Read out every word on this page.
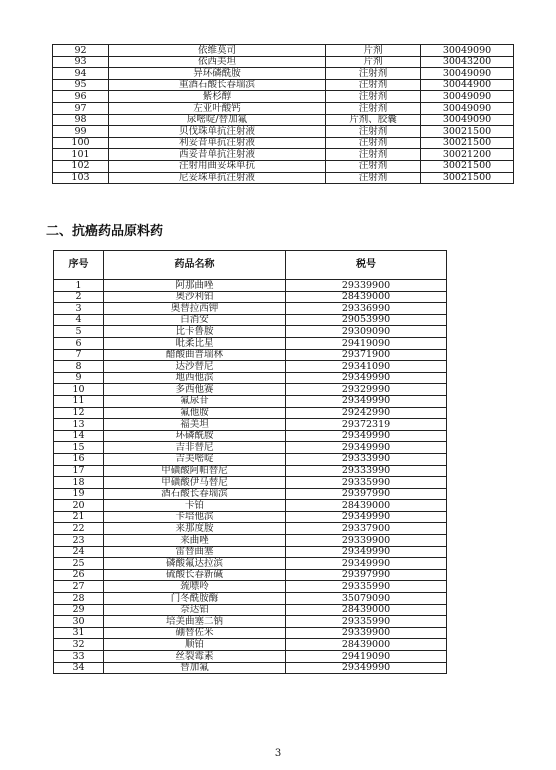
92	依维莫司	片剂	30049090
93	依西美坦	片剂	30043200
94	异环磷酰胺	注射剂	30049090
95	重酒石酸长春瑞滨	注射剂	30044900
96	紫杉醇	注射剂	30049090
97	左亚叶酸钙	注射剂	30049090
98	尿嘧啶/替加氟	片剂、胶囊	30049090
99	贝伐珠单抗注射液	注射剂	30021500
100	利妥昔单抗注射液	注射剂	30021500
101	西妥昔单抗注射液	注射剂	30021200
102	注射用曲妥珠单抗	注射剂	30021500
103	尼妥珠单抗注射液	注射剂	30021500
二、抗癌药品原料药
序号	药品名称	税号
1	阿那曲唑	29339900
2	奥沙利铂	28439000
3	奥替拉西钾	29336990
4	白消安	29053990
5	比卡鲁胺	29309090
6	吡柔比星	29419090
7	醋酸曲普瑞林	29371900
8	达沙替尼	29341090
9	地西他滨	29349990
10	多西他赛	29329990
11	氟尿苷	29349990
12	氟他胺	29242990
13	福美坦	29372319
14	环磷酰胺	29349990
15	吉非替尼	29349990
16	吉美嘧啶	29333990
17	甲磺酸阿帕替尼	29333990
18	甲磺酸伊马替尼	29335990
19	酒石酸长春瑞滨	29397990
20	卡铂	28439000
21	卡培他滨	29349990
22	来那度胺	29337900
23	来曲唑	29339900
24	雷替曲塞	29349990
25	磷酸氟达拉滨	29349990
26	硫酸长春新碱	29397990
27	巯嘌呤	29335990
28	门冬酰胺酶	35079090
29	奈达铂	28439000
30	培美曲塞二钠	29335990
31	硼替佐米	29339900
32	顺铂	28439000
33	丝裂霉素	29419090
34	替加氟	29349990
3
